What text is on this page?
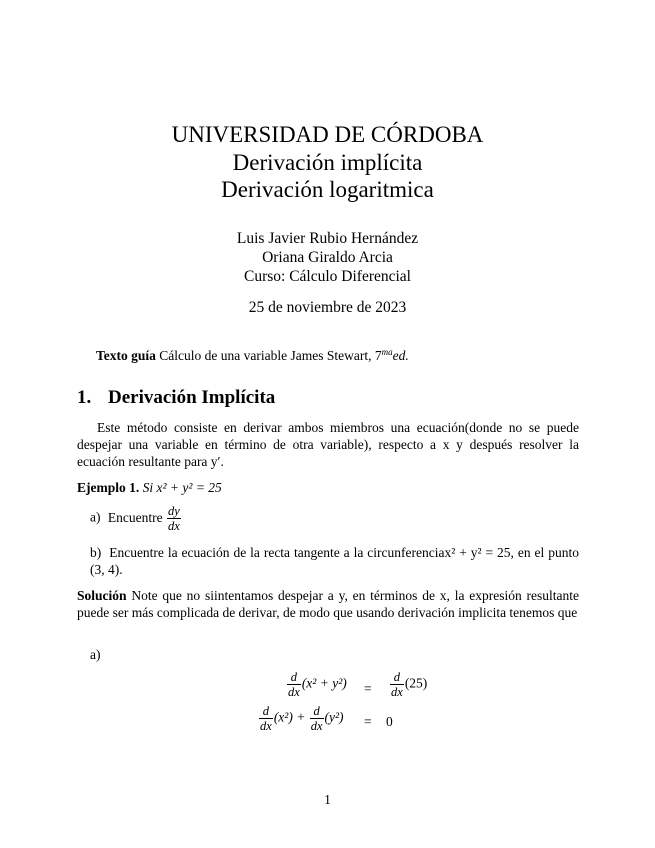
UNIVERSIDAD DE CÓRDOBA
Derivación implícita
Derivación logaritmica
Luis Javier Rubio Hernández
Oriana Giraldo Arcia
Curso: Cálculo Diferencial
25 de noviembre de 2023
Texto guía Cálculo de una variable James Stewart, $7^{ma}ed$.
1. Derivación Implícita
Este método consiste en derivar ambos miembros una ecuación(donde no se puede despejar una variable en término de otra variable), respecto a x y después resolver la ecuación resultante para y′.
Ejemplo 1. Si x² + y² = 25
a) Encuentre $\frac{dy}{dx}$
b) Encuentre la ecuación de la recta tangente a la circunferenciax² + y² = 25, en el punto (3, 4).
Solución Note que no siintentamos despejar a y, en términos de x, la expresión resultante puede ser más complicada de derivar, de modo que usando derivación implicita tenemos que
a)
$\frac{d}{dx} (x^2 + y^2) = \frac{d}{dx} (25)$
$\frac{d}{dx} (x^2) + \frac{d}{dx} (y^2) = 0$
1
